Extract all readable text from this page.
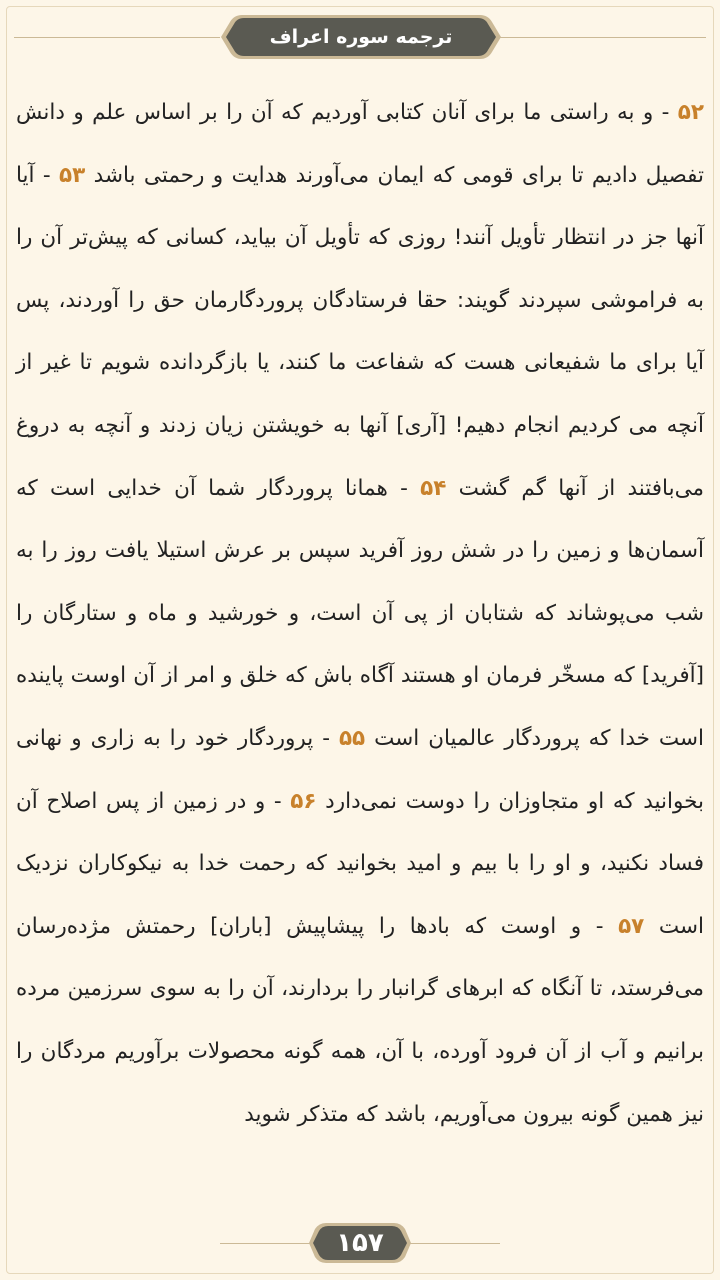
ترجمه سوره اعراف
۵۲ - و به راستی ما برای آنان کتابی آوردیم که آن را بر اساس علم و دانش تفصیل دادیم تا برای قومی که ایمان می‌آورند هدایت و رحمتی باشد ۵۳ - آیا آنها جز در انتظار تأویل آنند! روزی که تأویل آن بیاید، کسانی که پیش‌تر آن را به فراموشی سپردند گویند: حقا فرستادگان پروردگارمان حق را آوردند، پس آیا برای ما شفیعانی هست که شفاعت ما کنند، یا بازگردانده شویم تا غیر از آنچه می کردیم انجام دهیم! [آری] آنها به خویشتن زیان زدند و آنچه به دروغ می‌بافتند از آنها گم گشت ۵۴ - همانا پروردگار شما آن خدایی است که آسمان‌ها و زمین را در شش روز آفرید سپس بر عرش استیلا یافت روز را به شب می‌پوشاند که شتابان از پی آن است، و خورشید و ماه و ستارگان را [آفرید] که مسخّر فرمان او هستند آگاه باش که خلق و امر از آن اوست پاینده است خدا که پروردگار عالمیان است ۵۵ - پروردگار خود را به زاری و نهانی بخوانید که او متجاوزان را دوست نمی‌دارد ۵۶ - و در زمین از پس اصلاح آن فساد نکنید، و او را با بیم و امید بخوانید که رحمت خدا به نیکوکاران نزدیک است ۵۷ - و اوست که بادها را پیشاپیش [باران] رحمتش مژده‌رسان می‌فرستد، تا آنگاه که ابرهای گرانبار را بردارند، آن را به سوی سرزمین مرده برانیم و آب از آن فرود آورده، با آن، همه گونه محصولات برآوریم مردگان را نیز همین گونه بیرون می‌آوریم، باشد که متذکر شوید
۱۵۷
